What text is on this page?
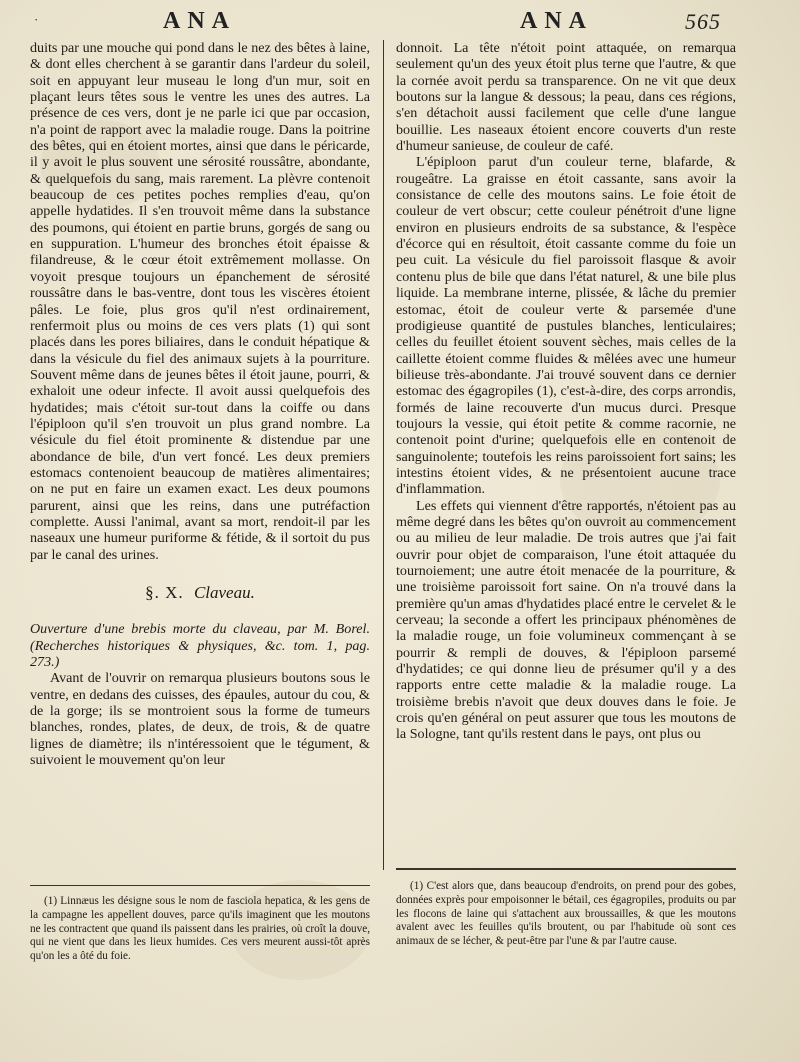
·	ANA	ANA	565

duits par une mouche qui pond dans le nez des bêtes à laine, & dont elles cherchent à se garantir dans l'ardeur du soleil, soit en appuyant leur museau le long d'un mur, soit en plaçant leurs têtes sous le ventre les unes des autres. La présence de ces vers, dont je ne parle ici que par occasion, n'a point de rapport avec la maladie rouge. Dans la poitrine des bêtes, qui en étoient mortes, ainsi que dans le péricarde, il y avoit le plus souvent une sérosité roussâtre, abondante, & quelquefois du sang, mais rarement. La plèvre contenoit beaucoup de ces petites poches remplies d'eau, qu'on appelle hydatides. Il s'en trouvoit même dans la substance des poumons, qui étoient en partie bruns, gorgés de sang ou en suppuration. L'humeur des bronches étoit épaisse & filandreuse, & le cœur étoit extrêmement mollasse. On voyoit presque toujours un épanchement de sérosité roussâtre dans le bas-ventre, dont tous les viscères étoient pâles. Le foie, plus gros qu'il n'est ordinairement, renfermoit plus ou moins de ces vers plats (1) qui sont placés dans les pores biliaires, dans le conduit hépatique & dans la vésicule du fiel des animaux sujets à la pourriture. Souvent même dans de jeunes bêtes il étoit jaune, pourri, & exhaloit une odeur infecte. Il avoit aussi quelquefois des hydatides; mais c'étoit sur-tout dans la coiffe ou dans l'épiploon qu'il s'en trouvoit un plus grand nombre. La vésicule du fiel étoit prominente & distendue par une abondance de bile, d'un vert foncé. Les deux premiers estomacs contenoient beaucoup de matières alimentaires; on ne put en faire un examen exact. Les deux poumons parurent, ainsi que les reins, dans une putréfaction complette. Aussi l'animal, avant sa mort, rendoit-il par les naseaux une humeur puriforme & fétide, & il sortoit du pus par le canal des urines.

§. X. Claveau.

Ouverture d'une brebis morte du claveau, par M. Borel. (Recherches historiques & physiques, &c. tom. 1, pag. 273.)

Avant de l'ouvrir on remarqua plusieurs boutons sous le ventre, en dedans des cuisses, des épaules, autour du cou, & de la gorge; ils se montroient sous la forme de tumeurs blanches, rondes, plates, de deux, de trois, & de quatre lignes de diamètre; ils n'intéressoient que le tégument, & suivoient le mouvement qu'on leur

donnoit. La tête n'étoit point attaquée, on remarqua seulement qu'un des yeux étoit plus terne que l'autre, & que la cornée avoit perdu sa transparence. On ne vit que deux boutons sur la langue & dessous; la peau, dans ces régions, s'en détachoit aussi facilement que celle d'une langue bouillie. Les naseaux étoient encore couverts d'un reste d'humeur sanieuse, de couleur de café.

L'épiploon parut d'un couleur terne, blafarde, & rougeâtre. La graisse en étoit cassante, sans avoir la consistance de celle des moutons sains. Le foie étoit de couleur de vert obscur; cette couleur pénétroit d'une ligne environ en plusieurs endroits de sa substance, & l'espèce d'écorce qui en résultoit, étoit cassante comme du foie un peu cuit. La vésicule du fiel paroissoit flasque & avoir contenu plus de bile que dans l'état naturel, & une bile plus liquide. La membrane interne, plissée, & lâche du premier estomac, étoit de couleur verte & parsemée d'une prodigieuse quantité de pustules blanches, lenticulaires; celles du feuillet étoient souvent sèches, mais celles de la caillette étoient comme fluides & mêlées avec une humeur bilieuse très-abondante. J'ai trouvé souvent dans ce dernier estomac des égagropiles (1), c'est-à-dire, des corps arrondis, formés de laine recouverte d'un mucus durci. Presque toujours la vessie, qui étoit petite & comme racornie, ne contenoit point d'urine; quelquefois elle en contenoit de sanguinolente; toutefois les reins paroissoient fort sains; les intestins étoient vides, & ne présentoient aucune trace d'inflammation.

Les effets qui viennent d'être rapportés, n'étoient pas au même degré dans les bêtes qu'on ouvroit au commencement ou au milieu de leur maladie. De trois autres que j'ai fait ouvrir pour objet de comparaison, l'une étoit attaquée du tournoiement; une autre étoit menacée de la pourriture, & une troisième paroissoit fort saine. On n'a trouvé dans la première qu'un amas d'hydatides placé entre le cervelet & le cerveau; la seconde a offert les principaux phénomènes de la maladie rouge, un foie volumineux commençant à se pourrir & rempli de douves, & l'épiploon parsemé d'hydatides; ce qui donne lieu de présumer qu'il y a des rapports entre cette maladie & la maladie rouge. La troisième brebis n'avoit que deux douves dans le foie. Je crois qu'en général on peut assurer que tous les moutons de la Sologne, tant qu'ils restent dans le pays, ont plus ou

(1) Linnæus les désigne sous le nom de fasciola hepatica, & les gens de la campagne les appellent douves, parce qu'ils imaginent que les moutons ne les contractent que quand ils paissent dans les prairies, où croît la douve, qui ne vient que dans les lieux humides. Ces vers meurent aussi-tôt après qu'on les a ôté du foie.

(1) C'est alors que, dans beaucoup d'endroits, on prend pour des gobes, données exprès pour empoisonner le bétail, ces égagropiles, produits ou par les flocons de laine qui s'attachent aux broussailles, & que les moutons avalent avec les feuilles qu'ils broutent, ou par l'habitude où sont ces animaux de se lécher, & peut-être par l'une & par l'autre cause.
